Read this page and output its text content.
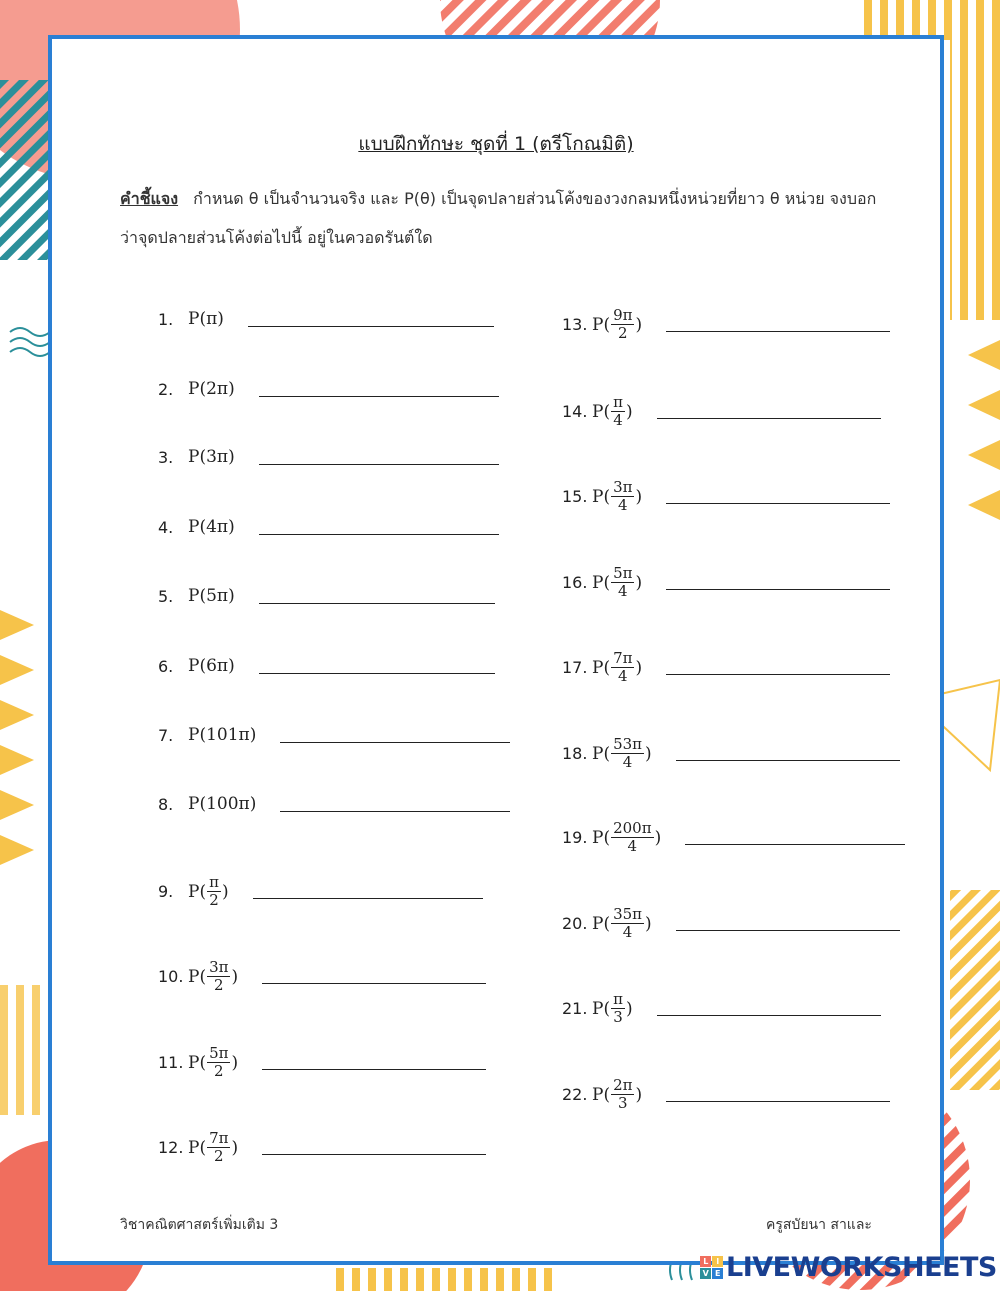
แบบฝึกทักษะ ชุดที่ 1 (ตรีโกณมิติ)
คำชี้แจง กำหนด θ เป็นจำนวนจริง และ P(θ) เป็นจุดปลายส่วนโค้งของวงกลมหนึ่งหน่วยที่ยาว θ หน่วย จงบอกว่าจุดปลายส่วนโค้งต่อไปนี้ อยู่ในควอดรันต์ใด
1. P( π )
2. P( 2π )
3. P( 3π )
4. P( 4π )
5. P( 5π )
6. P( 6π )
7. P( 101π )
8. P( 100π )
9. $P( \frac{\pi}{2}$ )
10. $P( \frac{3\pi}{2}$ )
11. $P( \frac{5\pi}{2}$ )
12. $P( \frac{7\pi}{2}$ )
13. $P( \frac{9\pi}{2}$ )
14. $P( \frac{\pi}{4}$ )
15. $P( \frac{3\pi}{4}$ )
16. $P( \frac{5\pi}{4}$ )
17. $P( \frac{7\pi}{4}$ )
18. $P( \frac{53\pi}{4}$ )
19. $P( \frac{200\pi}{4}$ )
20. $P( \frac{35\pi}{4}$ )
21. $P( \frac{\pi}{3}$ )
22. $P( \frac{2\pi}{3}$ )
วิชาคณิตศาสตร์เพิ่มเติม 3	ครูสบัยนา สาและ
L	I
V E LIVEWORKSHEETS
